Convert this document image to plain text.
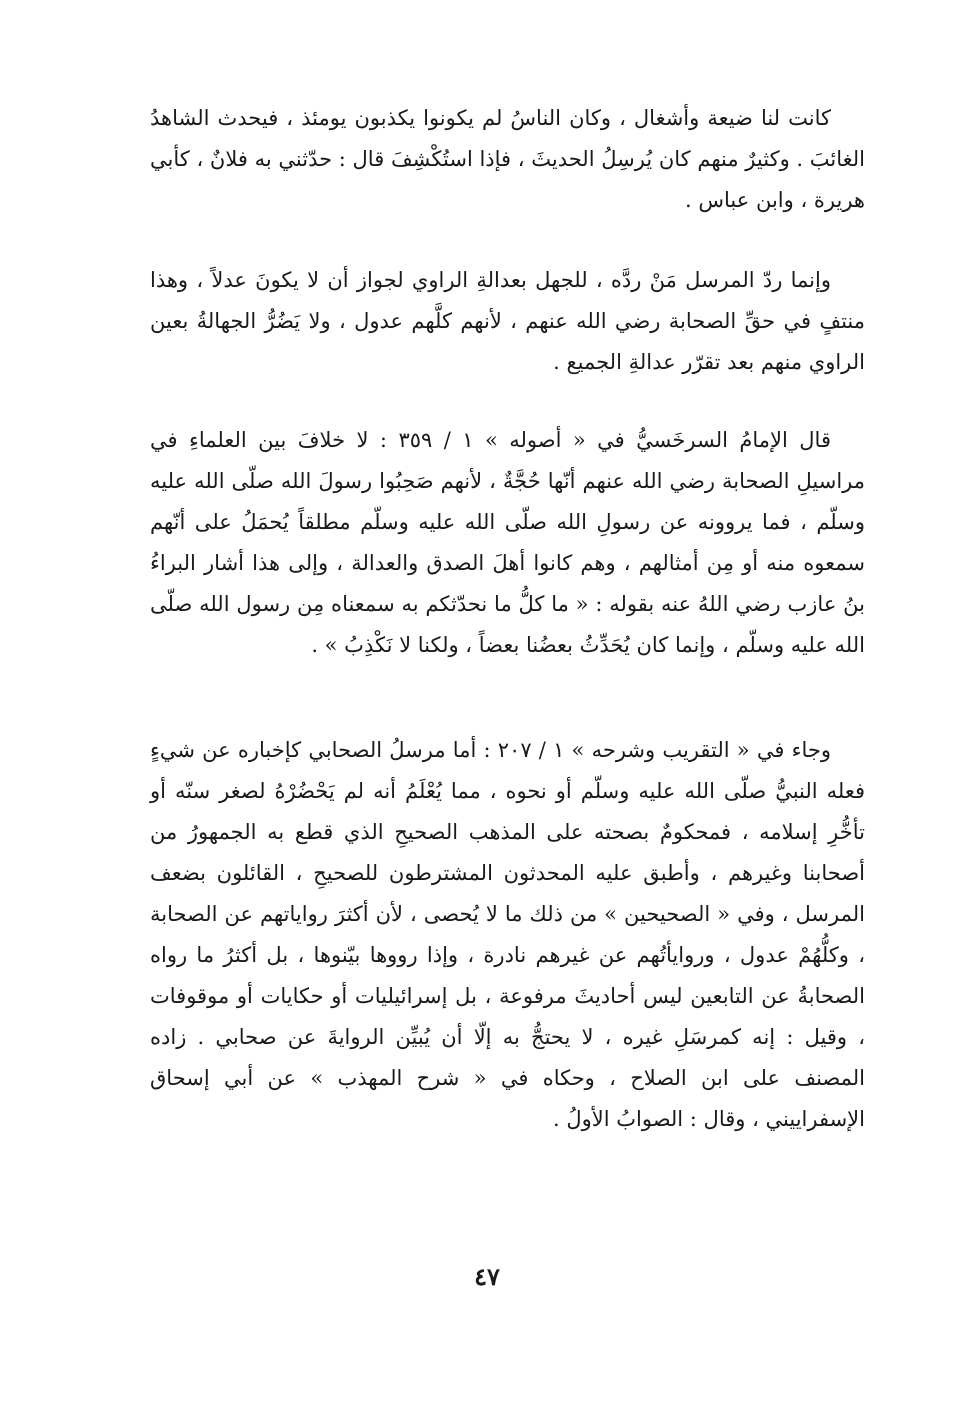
كانت لنا ضيعة وأشغال ، وكان الناسُ لم يكونوا يكذبون يومئذ ، فيحدث الشاهدُ الغائبَ . وكثيرٌ منهم كان يُرسِلُ الحديثَ ، فإذا استُكْشِفَ قال : حدّثني به فلانٌ ، كأبي هريرة ، وابن عباس .

وإنما ردّ المرسل مَنْ ردَّه ، للجهل بعدالةِ الراوي لجواز أن لا يكونَ عدلاً ، وهذا منتفٍ في حقِّ الصحابة رضي الله عنهم ، لأنهم كلَّهم عدول ، ولا يَضُرُّ الجهالةُ بعين الراوي منهم بعد تقرّر عدالةِ الجميع .

قال الإمامُ السرخَسيُّ في « أصوله » ١ / ٣٥٩ : لا خلافَ بين العلماءِ في مراسيلِ الصحابة رضي الله عنهم أنّها حُجَّةٌ ، لأنهم صَحِبُوا رسولَ الله صلّى الله عليه وسلّم ، فما يروونه عن رسولِ الله صلّى الله عليه وسلّم مطلقاً يُحمَلُ على أنّهم سمعوه منه أو مِن أمثالهم ، وهم كانوا أهلَ الصدق والعدالة ، وإلى هذا أشار البراءُ بنُ عازب رضي اللهُ عنه بقوله : « ما كلُّ ما نحدّثكم به سمعناه مِن رسول الله صلّى الله عليه وسلّم ، وإنما كان يُحَدِّثُ بعضُنا بعضاً ، ولكنا لا نَكْذِبُ » .

وجاء في « التقريب وشرحه » ١ / ٢٠٧ : أما مرسلُ الصحابي كإخباره عن شيءٍ فعله النبيُّ صلّى الله عليه وسلّم أو نحوه ، مما يُعْلَمُ أنه لم يَحْضُرْهُ لصغر سنّه أو تأخُّرِ إسلامه ، فمحكومٌ بصحته على المذهب الصحيحِ الذي قطع به الجمهورُ من أصحابنا وغيرهم ، وأطبق عليه المحدثون المشترطون للصحيحِ ، القائلون بضعف المرسل ، وفي « الصحيحين » من ذلك ما لا يُحصى ، لأن أكثرَ رواياتهم عن الصحابة ، وكلُّهُمْ عدول ، وروايأتُهم عن غيرهم نادرة ، وإذا رووها بيّنوها ، بل أكثرُ ما رواه الصحابةُ عن التابعين ليس أحاديثَ مرفوعة ، بل إسرائيليات أو حكايات أو موقوفات ، وقيل : إنه كمرسَلِ غيره ، لا يحتجُّ به إلّا أن يُبيِّن الروايةَ عن صحابي . زاده المصنف على ابن الصلاح ، وحكاه في « شرح المهذب » عن أبي إسحاق الإسفراييني ، وقال : الصوابُ الأولُ .

٤٧
